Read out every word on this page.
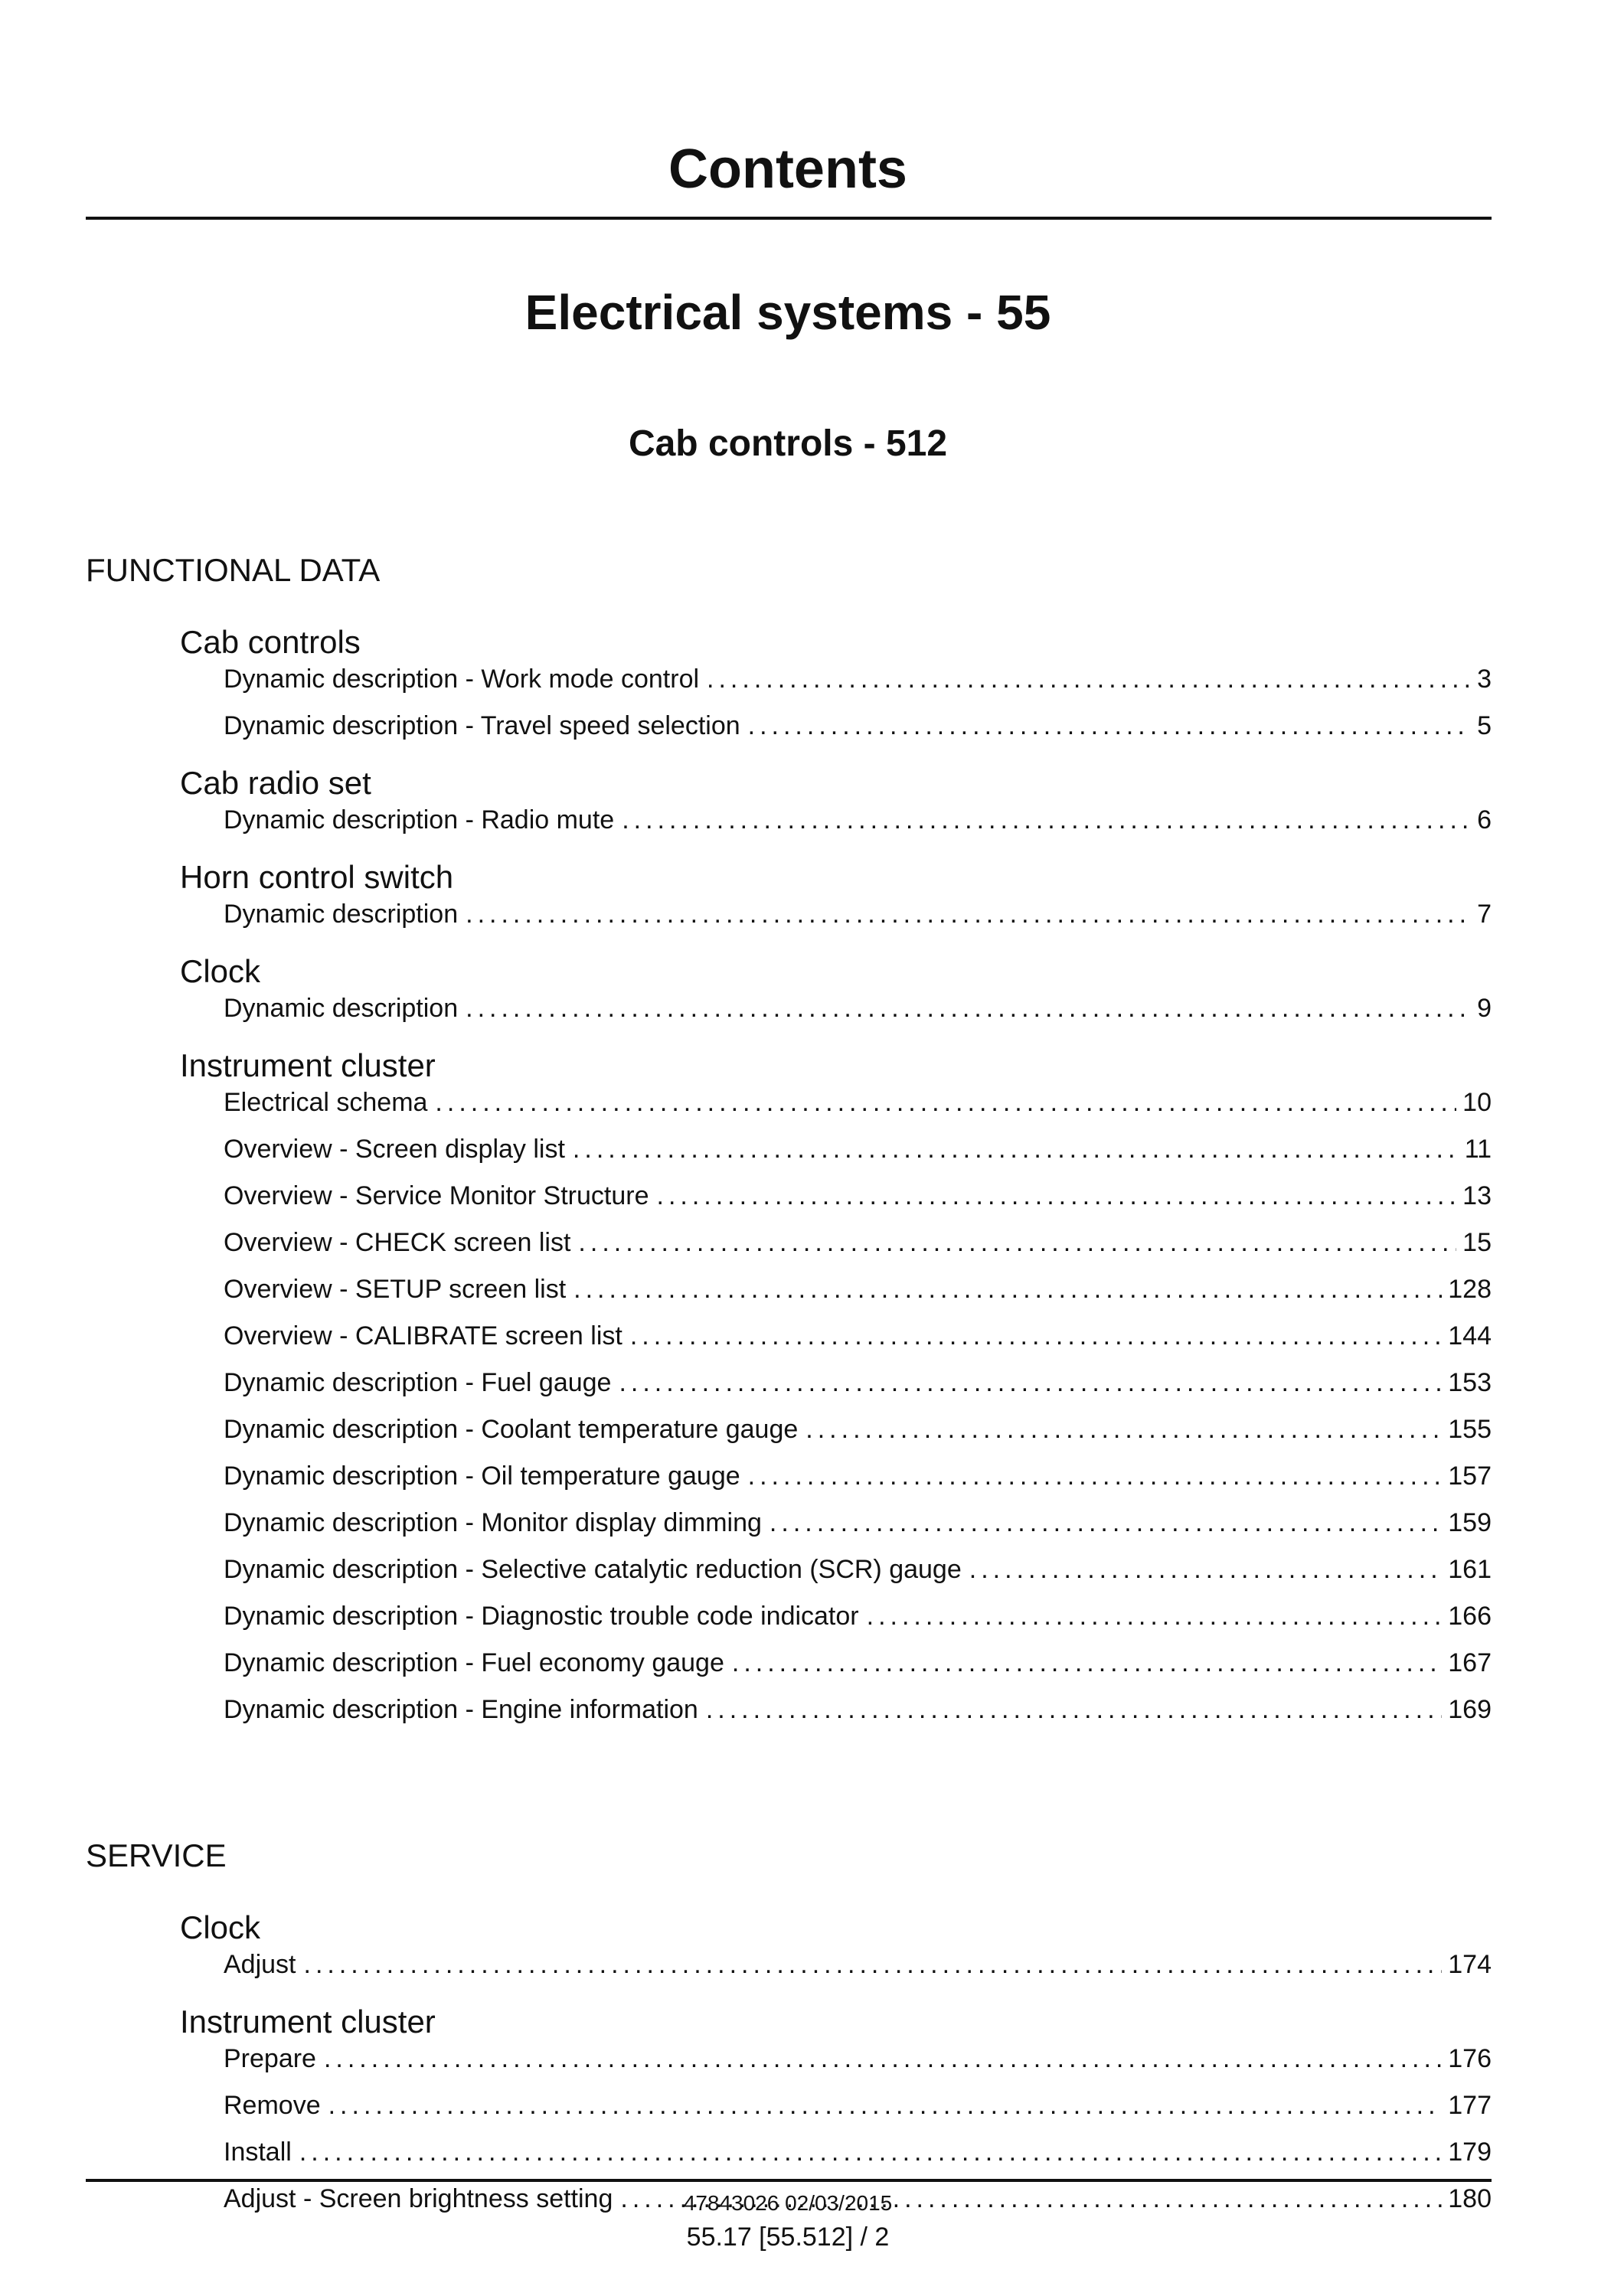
Contents
Electrical systems - 55
Cab controls - 512
FUNCTIONAL DATA
Cab controls
Dynamic description - Work mode control .....	3
Dynamic description - Travel speed selection .....	5
Cab radio set
Dynamic description - Radio mute .....	6
Horn control switch
Dynamic description .....	7
Clock
Dynamic description .....	9
Instrument cluster
Electrical schema .....	10
Overview - Screen display list .....	11
Overview - Service Monitor Structure .....	13
Overview - CHECK screen list .....	15
Overview - SETUP screen list .....	128
Overview - CALIBRATE screen list .....	144
Dynamic description - Fuel gauge .....	153
Dynamic description - Coolant temperature gauge .....	155
Dynamic description - Oil temperature gauge .....	157
Dynamic description - Monitor display dimming .....	159
Dynamic description - Selective catalytic reduction (SCR) gauge .....	161
Dynamic description - Diagnostic trouble code indicator .....	166
Dynamic description - Fuel economy gauge .....	167
Dynamic description - Engine information .....	169
SERVICE
Clock
Adjust .....	174
Instrument cluster
Prepare .....	176
Remove .....	177
Install .....	179
Adjust - Screen brightness setting .....	180
47843026 02/03/2015
55.17 [55.512] / 2
